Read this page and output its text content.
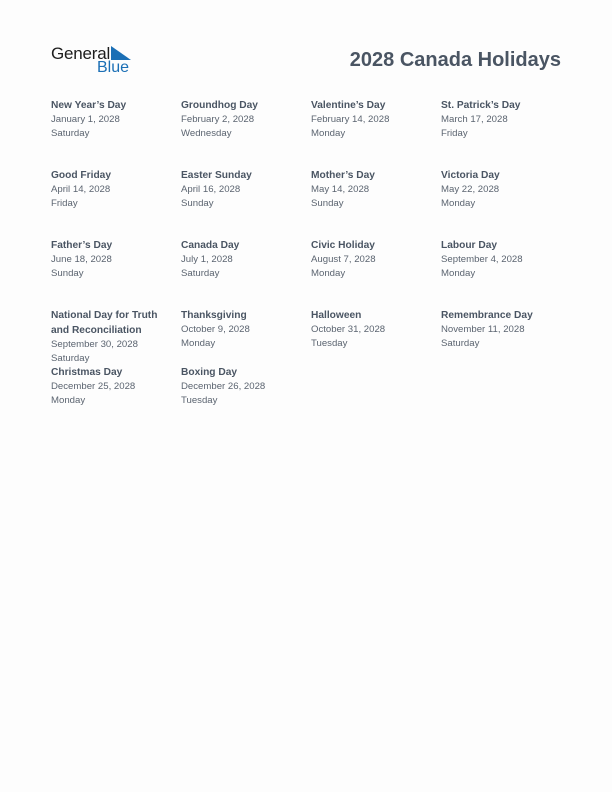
General
Blue	2028 Canada Holidays
New Year’s Day
January 1, 2028
Saturday
Groundhog Day
February 2, 2028
Wednesday
Valentine’s Day
February 14, 2028
Monday
St. Patrick’s Day
March 17, 2028
Friday
Good Friday
April 14, 2028
Friday
Easter Sunday
April 16, 2028
Sunday
Mother’s Day
May 14, 2028
Sunday
Victoria Day
May 22, 2028
Monday
Father’s Day
June 18, 2028
Sunday
Canada Day
July 1, 2028
Saturday
Civic Holiday
August 7, 2028
Monday
Labour Day
September 4, 2028
Monday
National Day for Truth and Reconciliation
September 30, 2028
Saturday
Thanksgiving
October 9, 2028
Monday
Halloween
October 31, 2028
Tuesday
Remembrance Day
November 11, 2028
Saturday
Christmas Day
December 25, 2028
Monday
Boxing Day
December 26, 2028
Tuesday
